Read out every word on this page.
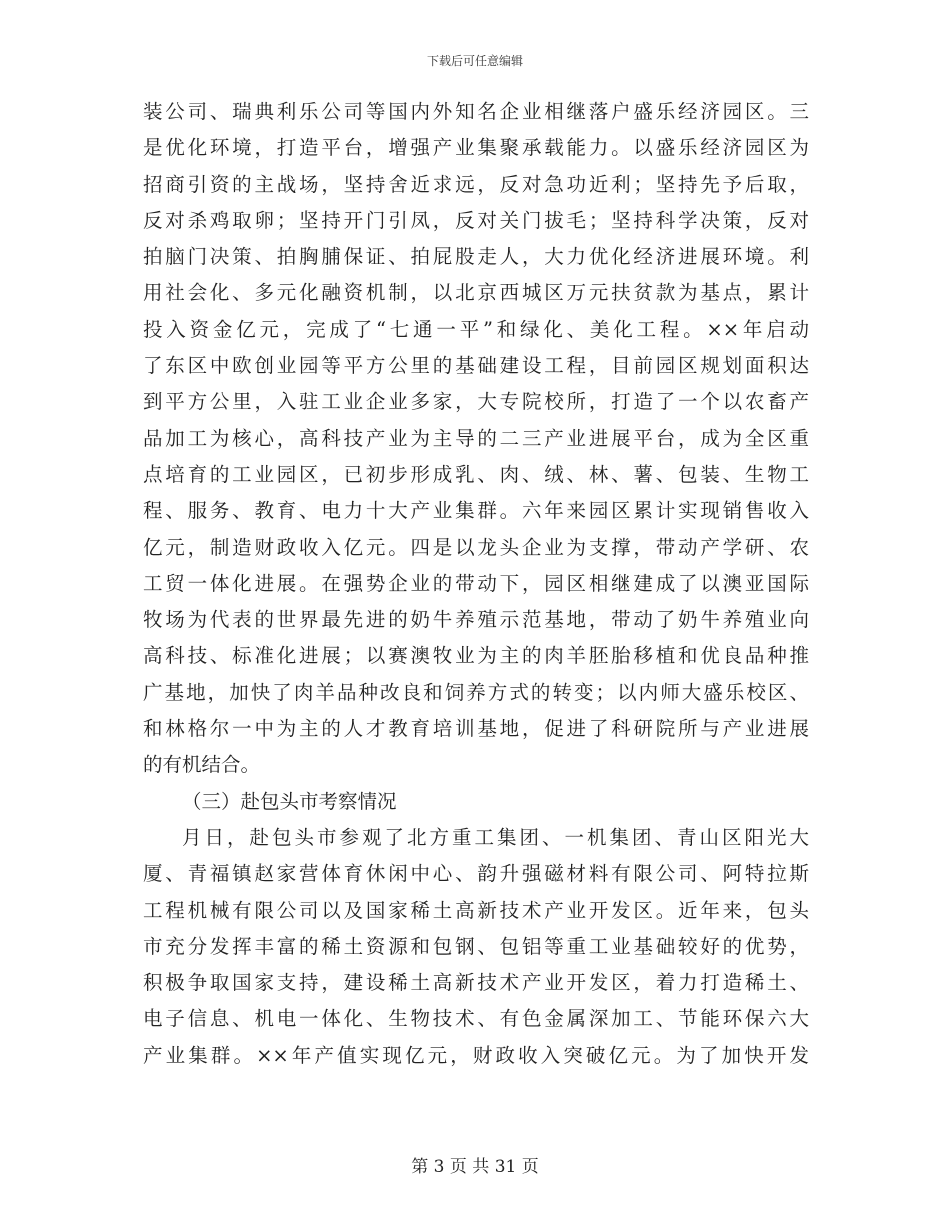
下载后可任意编辑
装公司、瑞典利乐公司等国内外知名企业相继落户盛乐经济园区。三
是优化环境，打造平台，增强产业集聚承载能力。以盛乐经济园区为
招商引资的主战场，坚持舍近求远，反对急功近利；坚持先予后取，
反对杀鸡取卵；坚持开门引凤，反对关门拔毛；坚持科学决策，反对
拍脑门决策、拍胸脯保证、拍屁股走人，大力优化经济进展环境。利
用社会化、多元化融资机制，以北京西城区万元扶贫款为基点，累计
投入资金亿元，完成了“七通一平”和绿化、美化工程。××年启动
了东区中欧创业园等平方公里的基础建设工程，目前园区规划面积达
到平方公里，入驻工业企业多家，大专院校所，打造了一个以农畜产
品加工为核心，高科技产业为主导的二三产业进展平台，成为全区重
点培育的工业园区，已初步形成乳、肉、绒、林、薯、包装、生物工
程、服务、教育、电力十大产业集群。六年来园区累计实现销售收入
亿元，制造财政收入亿元。四是以龙头企业为支撑，带动产学研、农
工贸一体化进展。在强势企业的带动下，园区相继建成了以澳亚国际
牧场为代表的世界最先进的奶牛养殖示范基地，带动了奶牛养殖业向
高科技、标准化进展；以赛澳牧业为主的肉羊胚胎移植和优良品种推
广基地，加快了肉羊品种改良和饲养方式的转变；以内师大盛乐校区、
和林格尔一中为主的人才教育培训基地，促进了科研院所与产业进展
的有机结合。
（三）赴包头市考察情况
月日，赴包头市参观了北方重工集团、一机集团、青山区阳光大
厦、青福镇赵家营体育休闲中心、韵升强磁材料有限公司、阿特拉斯
工程机械有限公司以及国家稀土高新技术产业开发区。近年来，包头
市充分发挥丰富的稀土资源和包钢、包铝等重工业基础较好的优势，
积极争取国家支持，建设稀土高新技术产业开发区，着力打造稀土、
电子信息、机电一体化、生物技术、有色金属深加工、节能环保六大
产业集群。××年产值实现亿元，财政收入突破亿元。为了加快开发
第 3 页 共 31 页
